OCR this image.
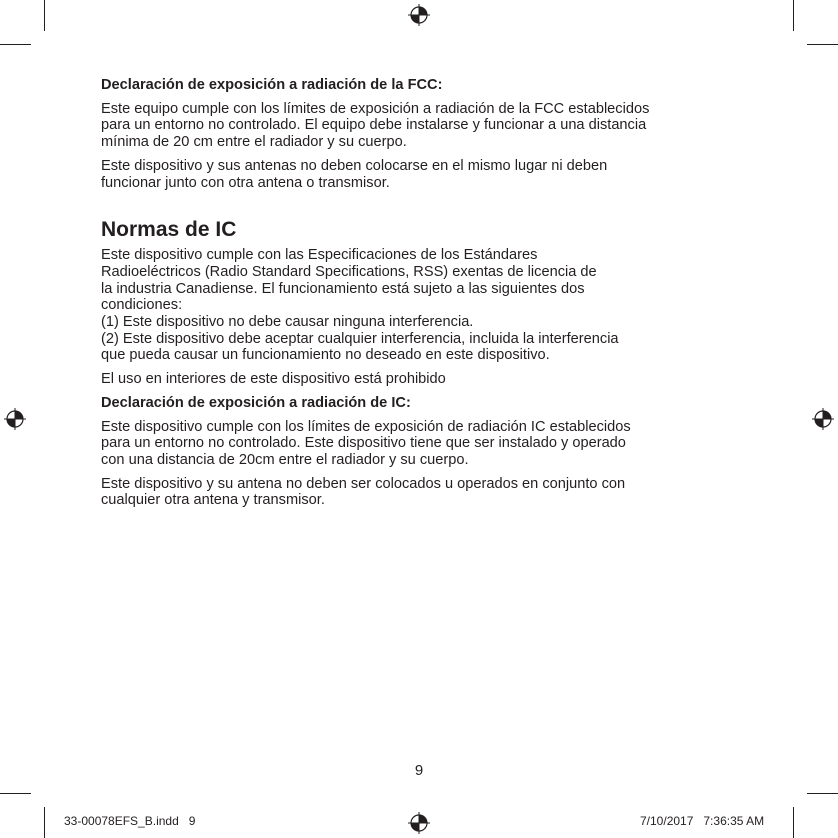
Declaración de exposición a radiación de la FCC:

Este equipo cumple con los límites de exposición a radiación de la FCC establecidos
para un entorno no controlado. El equipo debe instalarse y funcionar a una distancia
mínima de 20 cm entre el radiador y su cuerpo.

Este dispositivo y sus antenas no deben colocarse en el mismo lugar ni deben
funcionar junto con otra antena o transmisor.

Normas de IC

Este dispositivo cumple con las Especificaciones de los Estándares
Radioeléctricos (Radio Standard Specifications, RSS) exentas de licencia de
la industria Canadiense. El funcionamiento está sujeto a las siguientes dos
condiciones:
(1) Este dispositivo no debe causar ninguna interferencia.
(2) Este dispositivo debe aceptar cualquier interferencia, incluida la interferencia
que pueda causar un funcionamiento no deseado en este dispositivo.

El uso en interiores de este dispositivo está prohibido

Declaración de exposición a radiación de IC:

Este dispositivo cumple con los límites de exposición de radiación IC establecidos
para un entorno no controlado. Este dispositivo tiene que ser instalado y operado
con una distancia de 20cm entre el radiador y su cuerpo.

Este dispositivo y su antena no deben ser colocados u operados en conjunto con
cualquier otra antena y transmisor.

9
33-00078EFS_B.indd   9	7/10/2017   7:36:35 AM
